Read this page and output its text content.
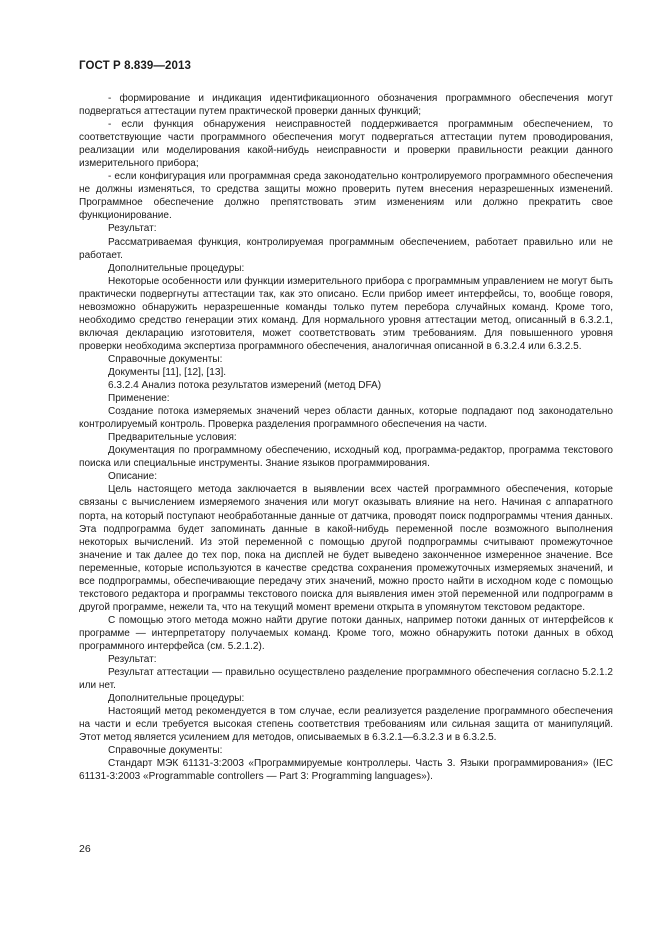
ГОСТ Р 8.839—2013

- формирование и индикация идентификационного обозначения программного обеспечения могут подвергаться аттестации путем практической проверки данных функций;

- если функция обнаружения неисправностей поддерживается программным обеспечением, то соответствующие части программного обеспечения могут подвергаться аттестации путем проводирования, реализации или моделирования какой-нибудь неисправности и проверки правильности реакции данного измерительного прибора;

- если конфигурация или программная среда законодательно контролируемого программного обеспечения не должны изменяться, то средства защиты можно проверить путем внесения неразрешенных изменений. Программное обеспечение должно препятствовать этим изменениям или должно прекратить свое функционирование.

Результат:

Рассматриваемая функция, контролируемая программным обеспечением, работает правильно или не работает.

Дополнительные процедуры:

Некоторые особенности или функции измерительного прибора с программным управлением не могут быть практически подвергнуты аттестации так, как это описано. Если прибор имеет интерфейсы, то, вообще говоря, невозможно обнаружить неразрешенные команды только путем перебора случайных команд. Кроме того, необходимо средство генерации этих команд. Для нормального уровня аттестации метод, описанный в 6.3.2.1, включая декларацию изготовителя, может соответствовать этим требованиям. Для повышенного уровня проверки необходима экспертиза программного обеспечения, аналогичная описанной в 6.3.2.4 или 6.3.2.5.

Справочные документы:

Документы [11], [12], [13].

6.3.2.4 Анализ потока результатов измерений (метод DFA)

Применение:

Создание потока измеряемых значений через области данных, которые подпадают под законодательно контролируемый контроль. Проверка разделения программного обеспечения на части.

Предварительные условия:

Документация по программному обеспечению, исходный код, программа-редактор, программа текстового поиска или специальные инструменты. Знание языков программирования.

Описание:

Цель настоящего метода заключается в выявлении всех частей программного обеспечения, которые связаны с вычислением измеряемого значения или могут оказывать влияние на него. Начиная с аппаратного порта, на который поступают необработанные данные от датчика, проводят поиск подпрограммы чтения данных. Эта подпрограмма будет запоминать данные в какой-нибудь переменной после возможного выполнения некоторых вычислений. Из этой переменной с помощью другой подпрограммы считывают промежуточное значение и так далее до тех пор, пока на дисплей не будет выведено законченное измеренное значение. Все переменные, которые используются в качестве средства сохранения промежуточных измеряемых значений, и все подпрограммы, обеспечивающие передачу этих значений, можно просто найти в исходном коде с помощью текстового редактора и программы текстового поиска для выявления имен этой переменной или подпрограмм в другой программе, нежели та, что на текущий момент времени открыта в упомянутом текстовом редакторе.

С помощью этого метода можно найти другие потоки данных, например потоки данных от интерфейсов к программе — интерпретатору получаемых команд. Кроме того, можно обнаружить потоки данных в обход программного интерфейса (см. 5.2.1.2).

Результат:

Результат аттестации — правильно осуществлено разделение программного обеспечения согласно 5.2.1.2 или нет.

Дополнительные процедуры:

Настоящий метод рекомендуется в том случае, если реализуется разделение программного обеспечения на части и если требуется высокая степень соответствия требованиям или сильная защита от манипуляций. Этот метод является усилением для методов, описываемых в 6.3.2.1—6.3.2.3 и в 6.3.2.5.

Справочные документы:

Стандарт МЭК 61131-3:2003 «Программируемые контроллеры. Часть 3. Языки программирования» (IEC 61131-3:2003 «Programmable controllers — Part 3: Programming languages»).

26
